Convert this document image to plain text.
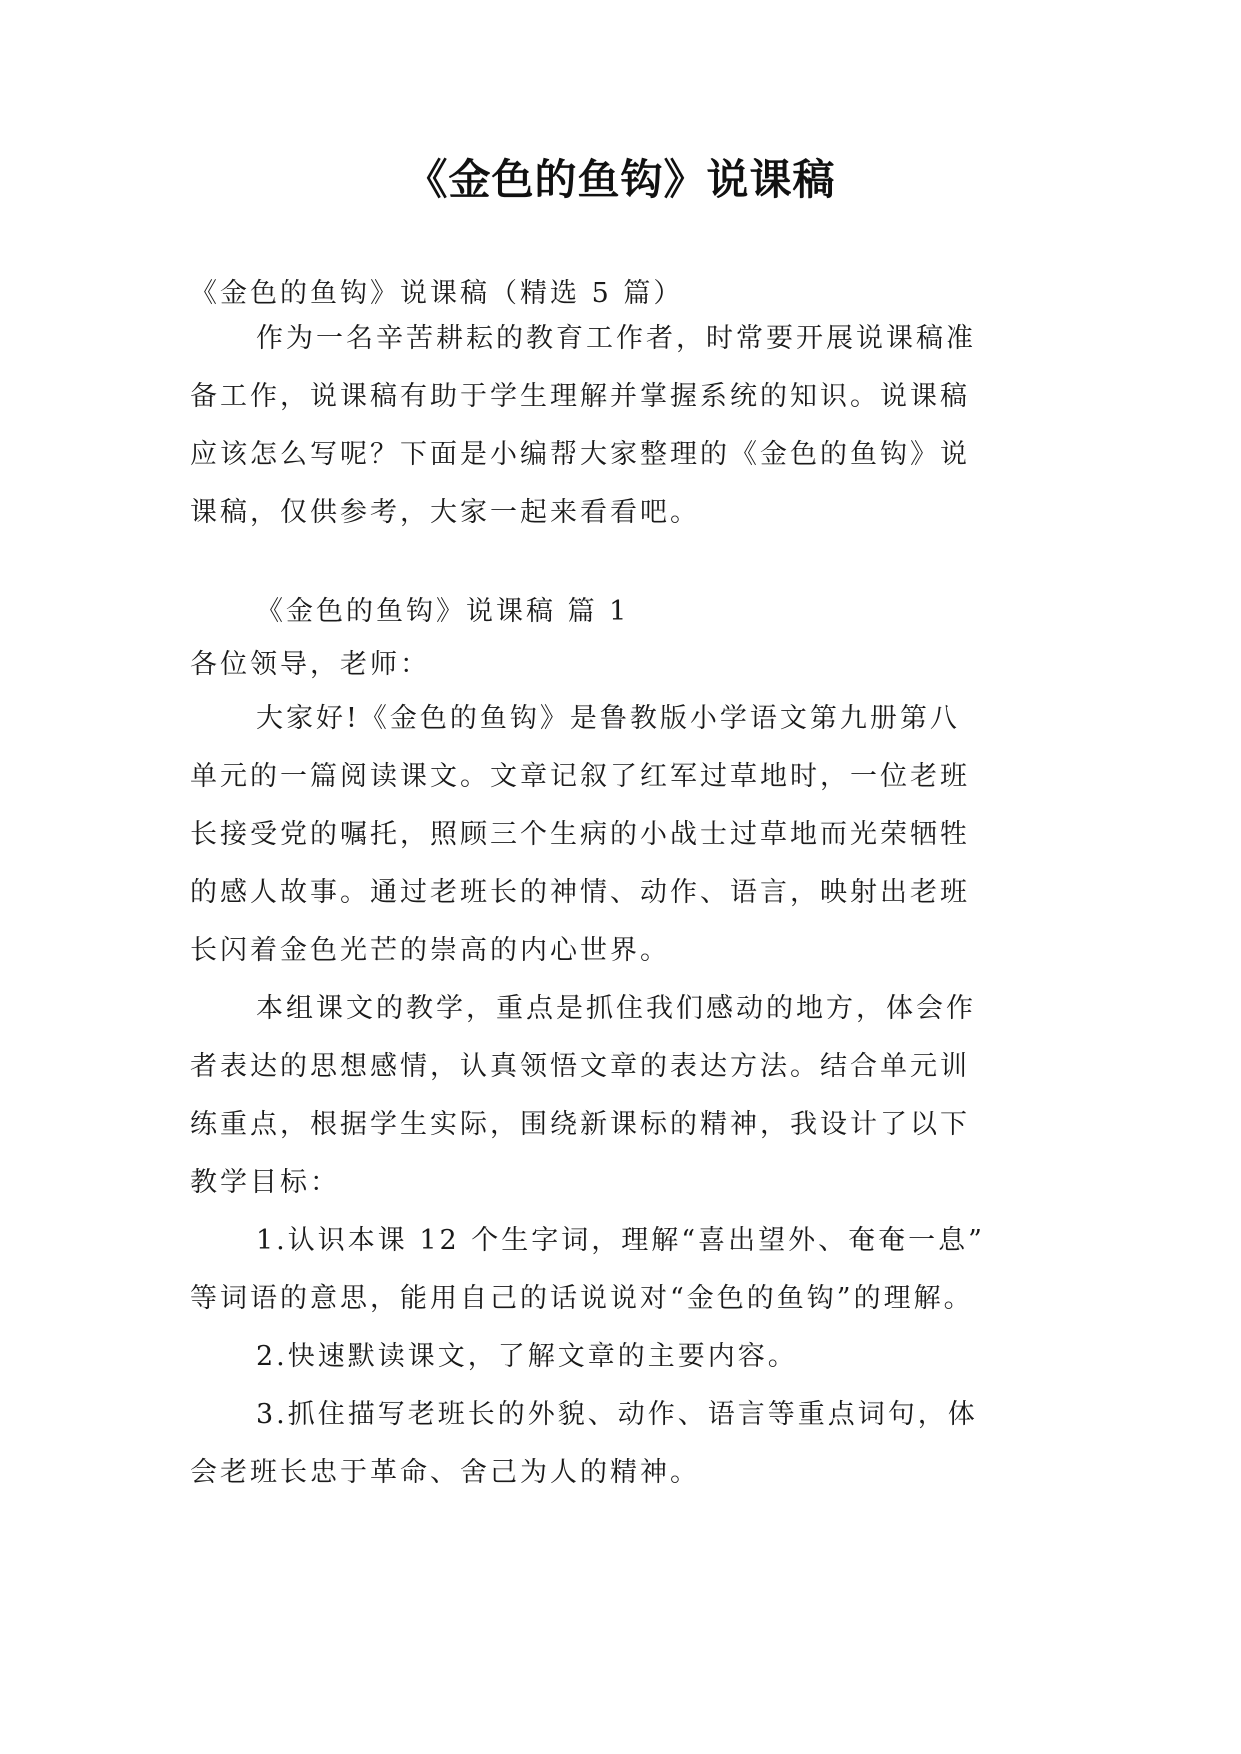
《金色的鱼钩》说课稿
《金色的鱼钩》说课稿（精选 5 篇）
作为一名辛苦耕耘的教育工作者，时常要开展说课稿准
备工作，说课稿有助于学生理解并掌握系统的知识。说课稿
应该怎么写呢？下面是小编帮大家整理的《金色的鱼钩》说
课稿，仅供参考，大家一起来看看吧。
《金色的鱼钩》说课稿 篇 1
各位领导，老师：
大家好!《金色的鱼钩》是鲁教版小学语文第九册第八
单元的一篇阅读课文。文章记叙了红军过草地时，一位老班
长接受党的嘱托，照顾三个生病的小战士过草地而光荣牺牲
的感人故事。通过老班长的神情、动作、语言，映射出老班
长闪着金色光芒的崇高的内心世界。
本组课文的教学，重点是抓住我们感动的地方，体会作
者表达的思想感情，认真领悟文章的表达方法。结合单元训
练重点，根据学生实际，围绕新课标的精神，我设计了以下
教学目标：
1.认识本课 12 个生字词，理解“喜出望外、奄奄一息”
等词语的意思，能用自己的话说说对“金色的鱼钩”的理解。
2.快速默读课文，了解文章的主要内容。
3.抓住描写老班长的外貌、动作、语言等重点词句，体
会老班长忠于革命、舍己为人的精神。
